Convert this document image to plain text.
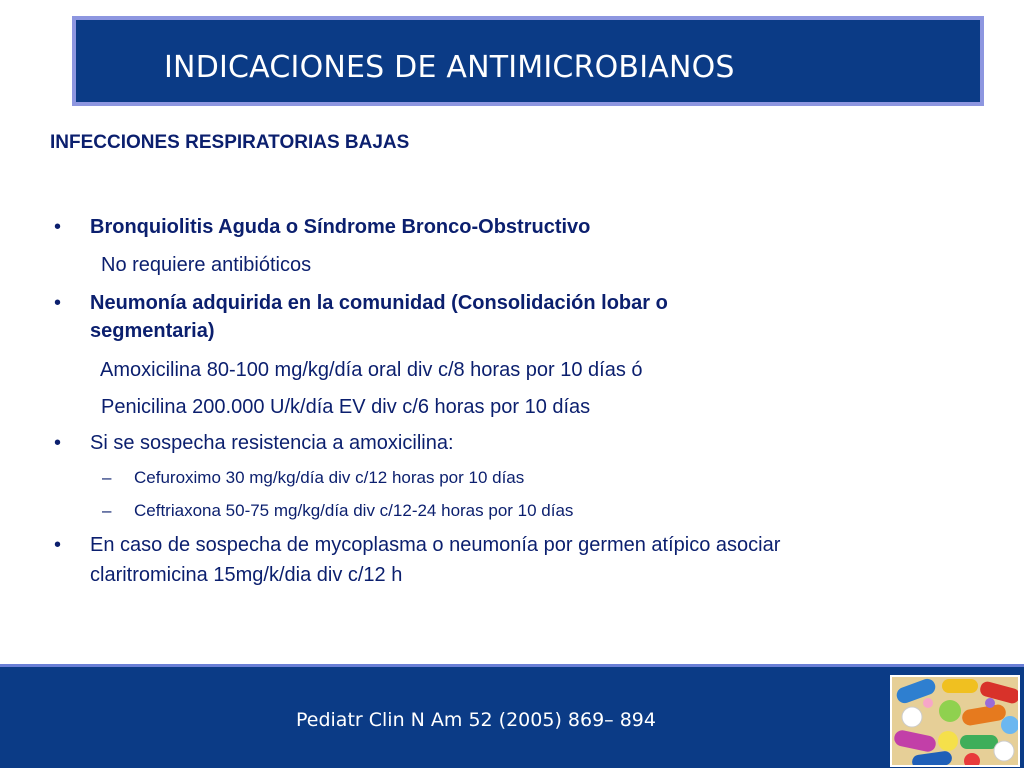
INDICACIONES DE ANTIMICROBIANOS
INFECCIONES RESPIRATORIAS BAJAS
• Bronquiolitis Aguda o Síndrome Bronco-Obstructivo
No requiere antibióticos
• Neumonía adquirida en la comunidad (Consolidación lobar o
segmentaria)
Amoxicilina 80-100 mg/kg/día oral div c/8 horas por 10 días ó
Penicilina 200.000 U/k/día EV div c/6 horas por 10 días
• Si se sospecha resistencia a amoxicilina:
– Cefuroximo 30 mg/kg/día div c/12 horas por 10 días
– Ceftriaxona 50-75 mg/kg/día div c/12-24 horas por 10 días
• En caso de sospecha de mycoplasma o neumonía por germen atípico asociar
claritromicina 15mg/k/dia div c/12 h
Pediatr Clin N Am 52 (2005) 869– 894
